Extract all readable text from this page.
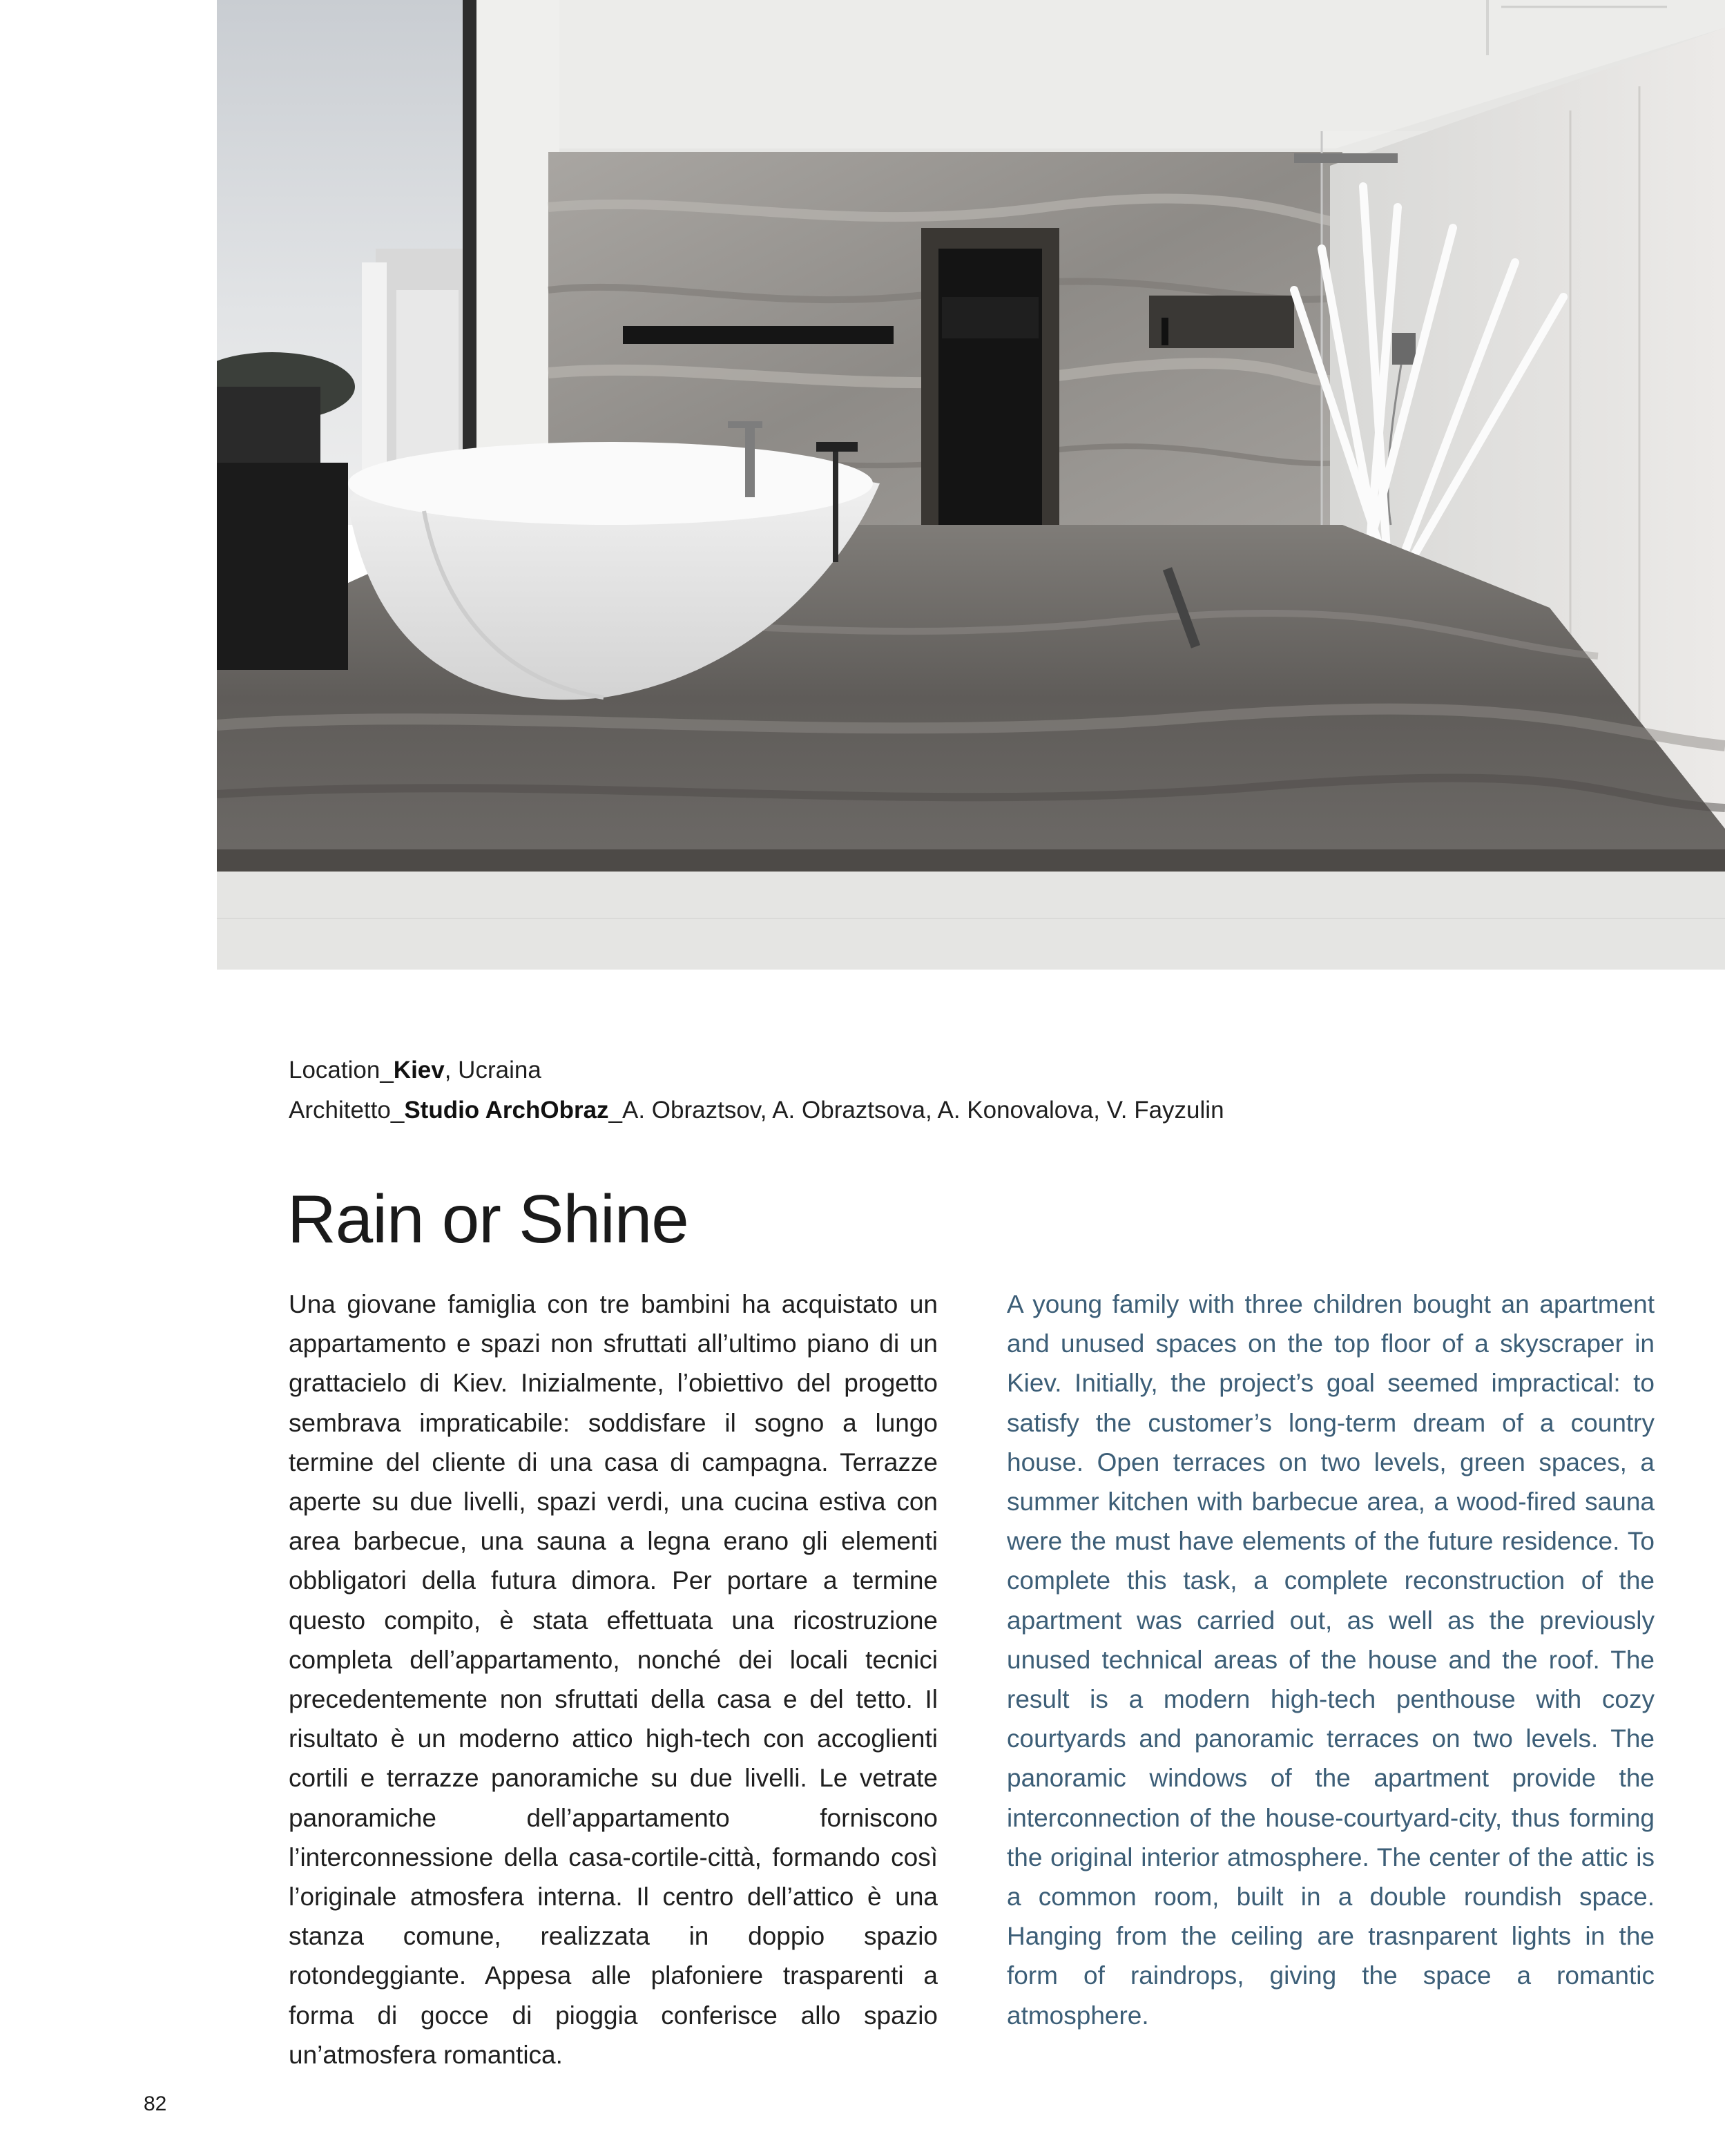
Location_Kiev, Ucraina
Architetto_Studio ArchObraz_A. Obraztsov, A. Obraztsova, A. Konovalova, V. Fayzulin
Rain or Shine

Una giovane famiglia con tre bambini ha acquistato un appartamento e spazi non sfruttati all’ultimo piano di un grattacielo di Kiev. Inizialmente, l’obiettivo del progetto sembrava impraticabile: soddisfare il sogno a lungo termine del cliente di una casa di campagna. Terrazze aperte su due livelli, spazi verdi, una cucina estiva con area barbecue, una sauna a legna erano gli elementi obbligatori della futura dimora. Per portare a termine questo compito, è stata effettuata una ricostruzione completa dell’appartamento, nonché dei locali tecnici precedentemente non sfruttati della casa e del tetto. Il risultato è un moderno attico high-tech con accoglienti cortili e terrazze panoramiche su due livelli. Le vetrate panoramiche dell’appartamento forniscono l’interconnessione della casa-cortile-città, formando così l’originale atmosfera interna. Il centro dell’attico è una stanza comune, realizzata in doppio spazio rotondeggiante. Appesa alle plafoniere trasparenti a forma di gocce di pioggia conferisce allo spazio un’atmosfera romantica.

A young family with three children bought an apartment and unused spaces on the top floor of a skyscraper in Kiev. Initially, the project’s goal seemed impractical: to satisfy the customer’s long-term dream of a country house. Open terraces on two levels, green spaces, a summer kitchen with barbecue area, a wood-fired sauna were the must have elements of the future residence. To complete this task, a complete reconstruction of the apartment was carried out, as well as the previously unused technical areas of the house and the roof. The result is a modern high-tech penthouse with cozy courtyards and panoramic terraces on two levels. The panoramic windows of the apartment provide the interconnection of the house-courtyard-city, thus forming the original interior atmosphere. The center of the attic is a common room, built in a double roundish space. Hanging from the ceiling are trasnparent lights in the form of raindrops, giving the space a romantic atmosphere.

82
